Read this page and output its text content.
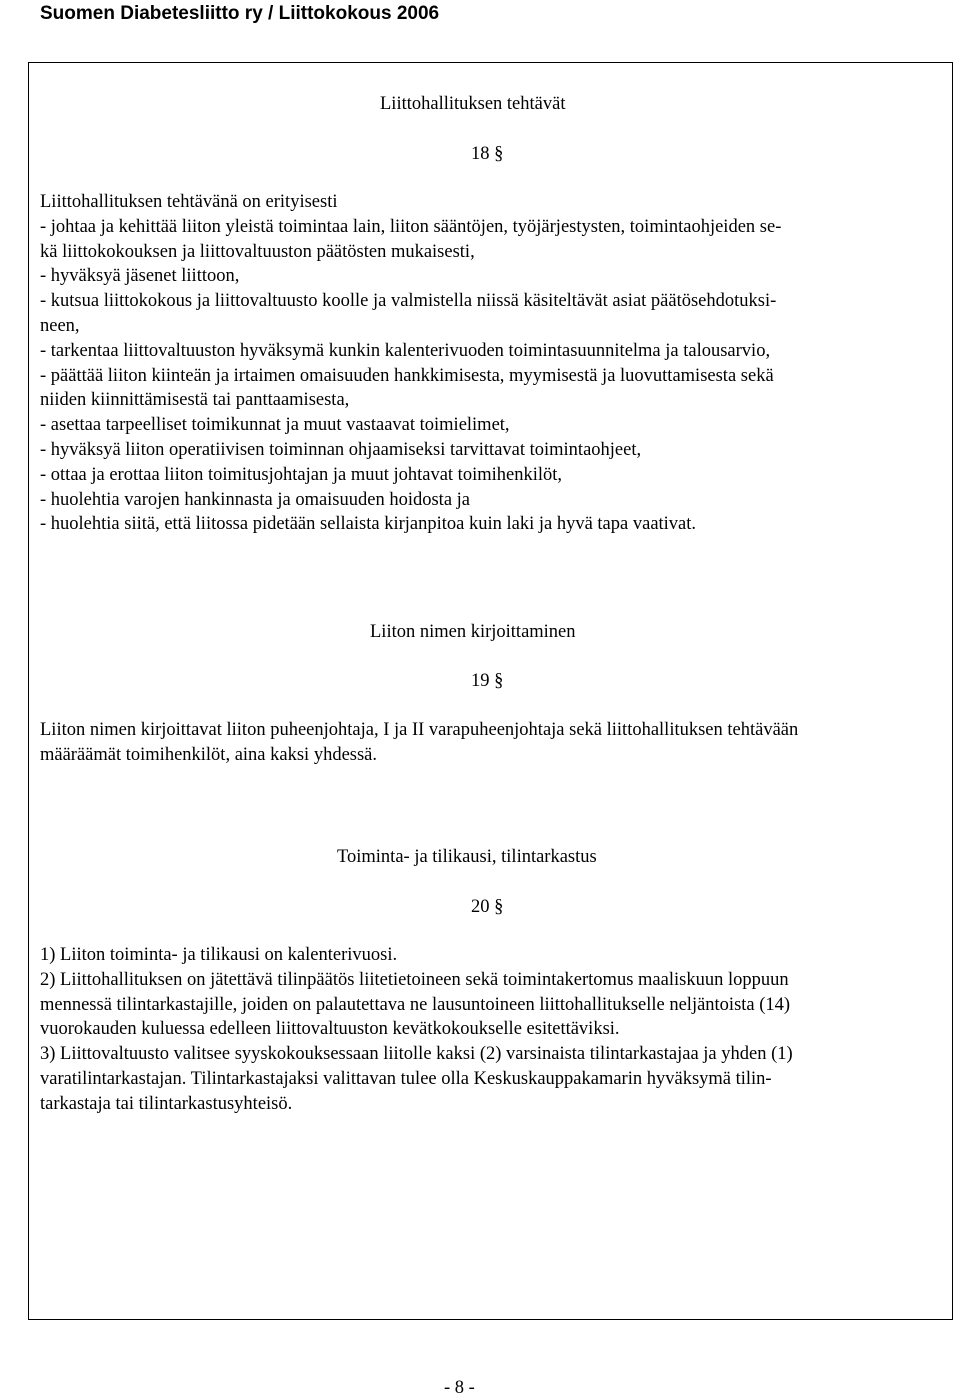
Suomen Diabetesliitto ry / Liittokokous 2006
Liittohallituksen tehtävät
18 §
Liittohallituksen tehtävänä on erityisesti
- johtaa ja kehittää liiton yleistä toimintaa lain, liiton sääntöjen, työjärjestysten, toimintaohjeiden se-
kä liittokokouksen ja liittovaltuuston päätösten mukaisesti,
- hyväksyä jäsenet liittoon,
- kutsua liittokokous ja liittovaltuusto koolle ja valmistella niissä käsiteltävät asiat päätösehdotuksi-
neen,
- tarkentaa liittovaltuuston hyväksymä kunkin kalenterivuoden toimintasuunnitelma ja talousarvio,
- päättää liiton kiinteän ja irtaimen omaisuuden hankkimisesta, myymisestä ja luovuttamisesta sekä
niiden kiinnittämisestä tai panttaamisesta,
- asettaa tarpeelliset toimikunnat ja muut vastaavat toimielimet,
- hyväksyä liiton operatiivisen toiminnan ohjaamiseksi tarvittavat toimintaohjeet,
- ottaa ja erottaa liiton toimitusjohtajan ja muut johtavat toimihenkilöt,
- huolehtia varojen hankinnasta ja omaisuuden hoidosta ja
- huolehtia siitä, että liitossa pidetään sellaista kirjanpitoa kuin laki ja hyvä tapa vaativat.
Liiton nimen kirjoittaminen
19 §
Liiton nimen kirjoittavat liiton puheenjohtaja, I ja II varapuheenjohtaja sekä liittohallituksen tehtävään
määräämät toimihenkilöt, aina kaksi yhdessä.
Toiminta- ja tilikausi, tilintarkastus
20 §
1) Liiton toiminta- ja tilikausi on kalenterivuosi.
2) Liittohallituksen on jätettävä tilinpäätös liitetietoineen sekä toimintakertomus maaliskuun loppuun
mennessä tilintarkastajille, joiden on palautettava ne lausuntoineen liittohallitukselle neljäntoista (14)
vuorokauden kuluessa edelleen liittovaltuuston kevätkokoukselle esitettäviksi.
3) Liittovaltuusto valitsee syyskokouksessaan liitolle kaksi (2) varsinaista tilintarkastajaa ja yhden (1)
varatilintarkastajan. Tilintarkastajaksi valittavan tulee olla Keskuskauppakamarin hyväksymä tilin-
tarkastaja tai tilintarkastusyhteisö.
- 8 -
